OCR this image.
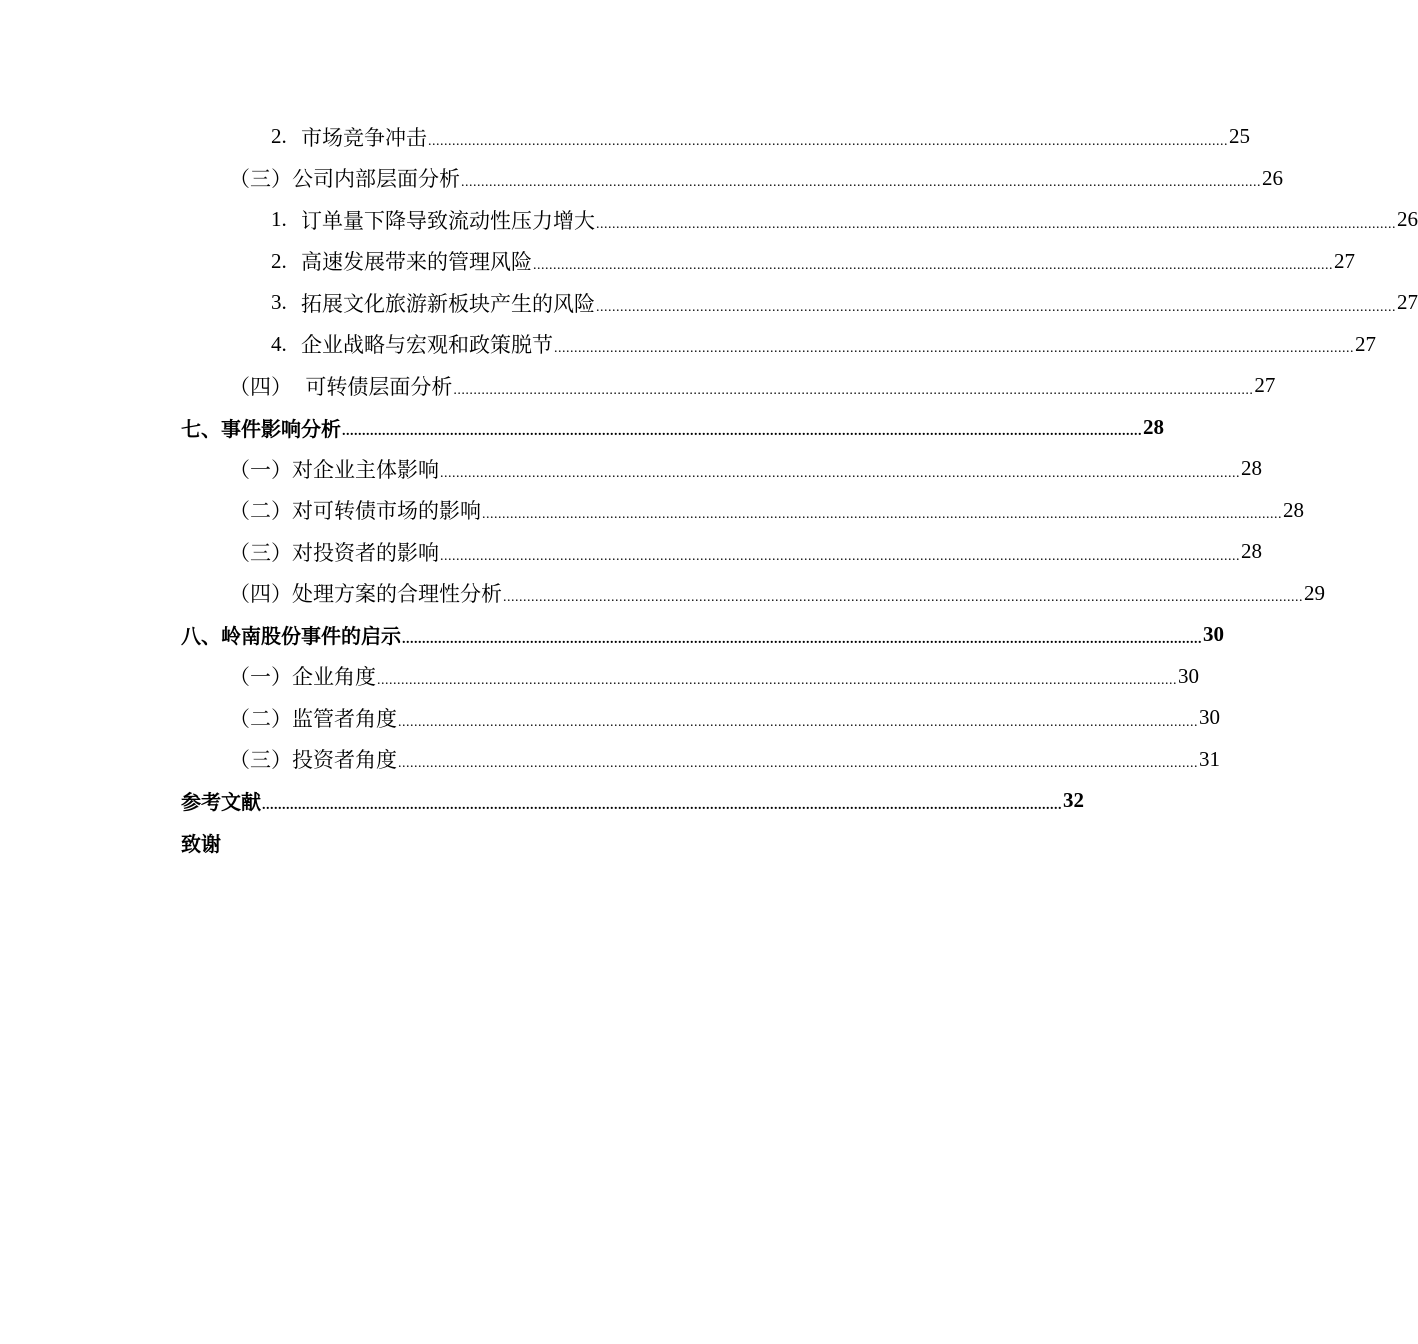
2. 市场竞争冲击 ........................................................................................................................................................................................................ 25
（三）公司内部层面分析 ........................................................................................................................................................................................................ 26
1. 订单量下降导致流动性压力增大 ........................................................................................................................................................................................................ 26
2. 高速发展带来的管理风险 ........................................................................................................................................................................................................ 27
3. 拓展文化旅游新板块产生的风险 ........................................................................................................................................................................................................ 27
4. 企业战略与宏观和政策脱节 ........................................................................................................................................................................................................ 27
（四）  可转债层面分析 ........................................................................................................................................................................................................ 27
七、事件影响分析 ........................................................................................................................................................................................................ 28
（一）对企业主体影响 ........................................................................................................................................................................................................ 28
（二）对可转债市场的影响 ........................................................................................................................................................................................................ 28
（三）对投资者的影响 ........................................................................................................................................................................................................ 28
（四）处理方案的合理性分析 ........................................................................................................................................................................................................ 29
八、岭南股份事件的启示 ........................................................................................................................................................................................................ 30
（一）企业角度 ........................................................................................................................................................................................................ 30
（二）监管者角度 ........................................................................................................................................................................................................ 30
（三）投资者角度 ........................................................................................................................................................................................................ 31
参考文献 ........................................................................................................................................................................................................ 32
致谢
